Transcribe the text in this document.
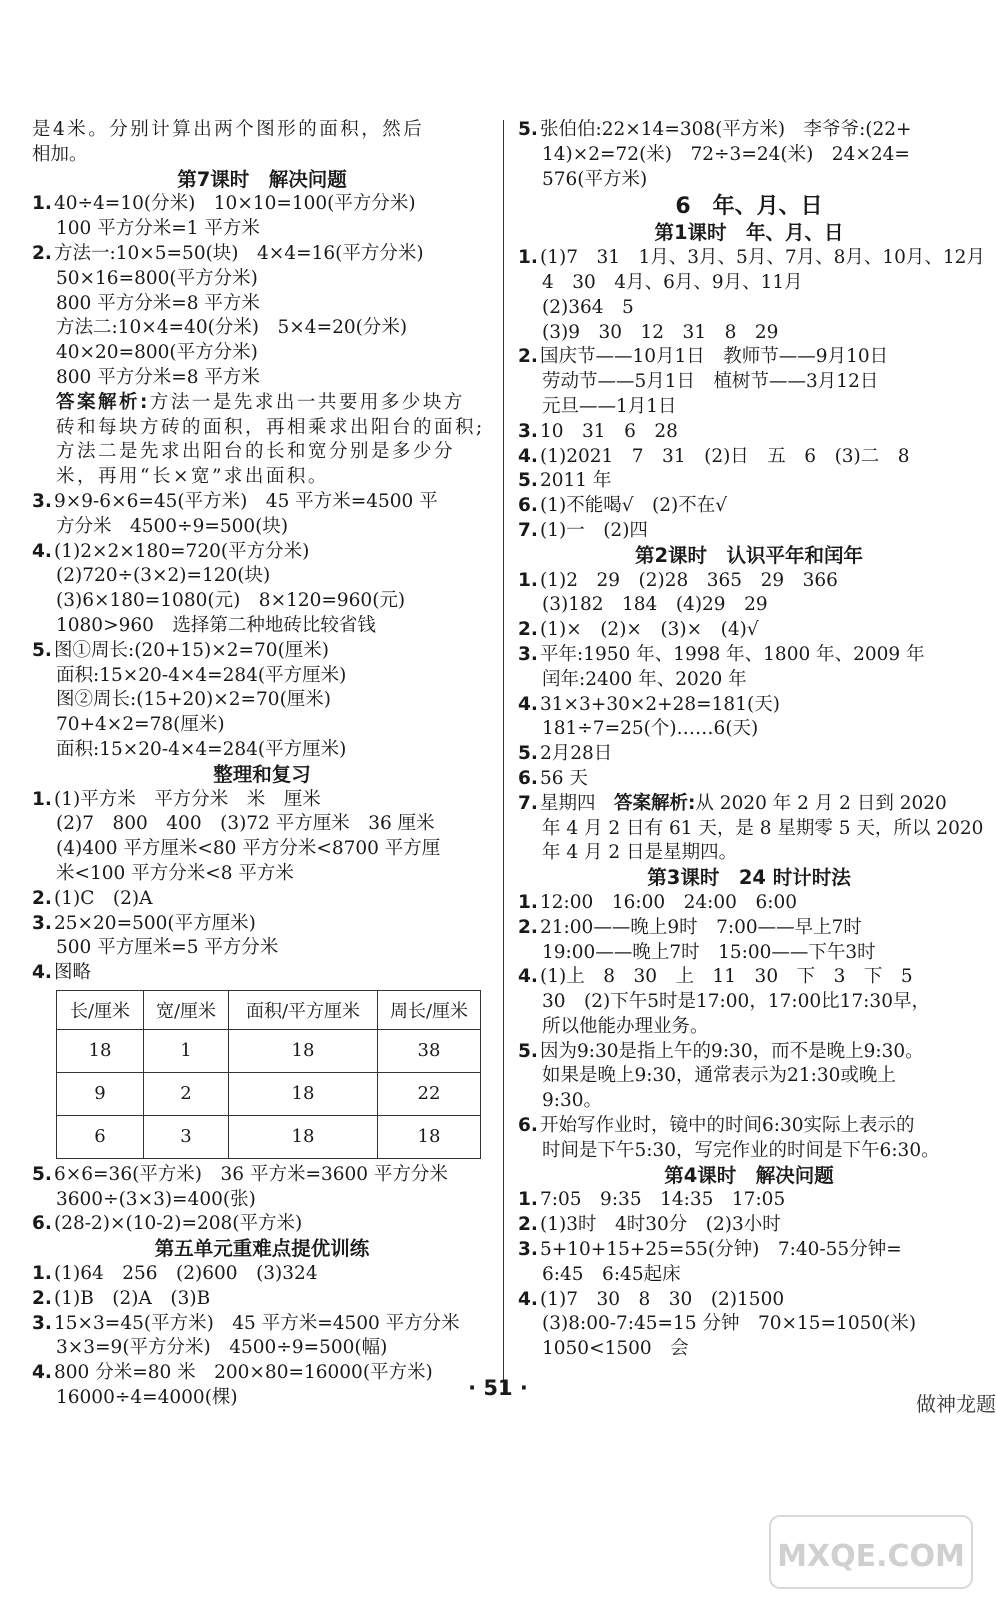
是4米。分别计算出两个图形的面积，然后
相加。
第7课时　解决问题
1. 40÷4=10(分米)　10×10=100(平方分米)
100 平方分米=1 平方米
2. 方法一:10×5=50(块)　4×4=16(平方分米)
50×16=800(平方分米)
800 平方分米=8 平方米
方法二:10×4=40(分米)　5×4=20(分米)
40×20=800(平方分米)
800 平方分米=8 平方米
答案解析:方法一是先求出一共要用多少块方
砖和每块方砖的面积，再相乘求出阳台的面积;
方法二是先求出阳台的长和宽分别是多少分
米，再用“长×宽”求出面积。
3. 9×9-6×6=45(平方米)　45 平方米=4500 平
方分米　4500÷9=500(块)
4. (1)2×2×180=720(平方分米)
(2)720÷(3×2)=120(块)
(3)6×180=1080(元)　8×120=960(元)
1080>960　选择第二种地砖比较省钱
5. 图①周长:(20+15)×2=70(厘米)
面积:15×20-4×4=284(平方厘米)
图②周长:(15+20)×2=70(厘米)
70+4×2=78(厘米)
面积:15×20-4×4=284(平方厘米)
整理和复习
1. (1)平方米　平方分米　米　厘米
(2)7　800　400　(3)72 平方厘米　36 厘米
(4)400 平方厘米<80 平方分米<8700 平方厘
米<100 平方分米<8 平方米
2. (1)C　(2)A
3. 25×20=500(平方厘米)
500 平方厘米=5 平方分米
4. 图略
长/厘米	宽/厘米	面积/平方厘米	周长/厘米
18	1	18	38
9	2	18	22
6	3	18	18
5. 6×6=36(平方米)　36 平方米=3600 平方分米
3600÷(3×3)=400(张)
6. (28-2)×(10-2)=208(平方米)
第五单元重难点提优训练
1. (1)64　256　(2)600　(3)324
2. (1)B　(2)A　(3)B
3. 15×3=45(平方米)　45 平方米=4500 平方分米
3×3=9(平方分米)　4500÷9=500(幅)
4. 800 分米=80 米　200×80=16000(平方米)
16000÷4=4000(棵)
5. 张伯伯:22×14=308(平方米)　李爷爷:(22+
14)×2=72(米)　72÷3=24(米)　24×24=
576(平方米)
6　年、月、日
第1课时　年、月、日
1. (1)7　31　1月、3月、5月、7月、8月、10月、12月
4　30　4月、6月、9月、11月
(2)364　5
(3)9　30　12　31　8　29
2. 国庆节——10月1日　教师节——9月10日
劳动节——5月1日　植树节——3月12日
元旦——1月1日
3. 10　31　6　28
4. (1)2021　7　31　(2)日　五　6　(3)二　8
5. 2011 年
6. (1)不能喝√　(2)不在√
7. (1)一　(2)四
第2课时　认识平年和闰年
1. (1)2　29　(2)28　365　29　366
(3)182　184　(4)29　29
2. (1)×　(2)×　(3)×　(4)√
3. 平年:1950 年、1998 年、1800 年、2009 年
闰年:2400 年、2020 年
4. 31×3+30×2+28=181(天)
181÷7=25(个)……6(天)
5. 2月28日
6. 56 天
7. 星期四　答案解析:从 2020 年 2 月 2 日到 2020
年 4 月 2 日有 61 天，是 8 星期零 5 天，所以 2020
年 4 月 2 日是星期四。
第3课时　24 时计时法
1. 12:00　16:00　24:00　6:00
2. 21:00——晚上9时　7:00——早上7时
19:00——晚上7时　15:00——下午3时
4. (1)上　8　30　上　11　30　下　3　下　5
30　(2)下午5时是17:00，17:00比17:30早，
所以他能办理业务。
5. 因为9:30是指上午的9:30，而不是晚上9:30。
如果是晚上9:30，通常表示为21:30或晚上
9:30。
6. 开始写作业时，镜中的时间6:30实际上表示的
时间是下午5:30，写完作业的时间是下午6:30。
第4课时　解决问题
1. 7:05　9:35　14:35　17:05
2. (1)3时　4时30分　(2)3小时
3. 5+10+15+25=55(分钟)　7:40-55分钟=
6:45　6:45起床
4. (1)7　30　8　30　(2)1500
(3)8:00-7:45=15 分钟　70×15=1050(米)
1050<1500　会
· 51 ·
做神龙题
MXQE.COM
